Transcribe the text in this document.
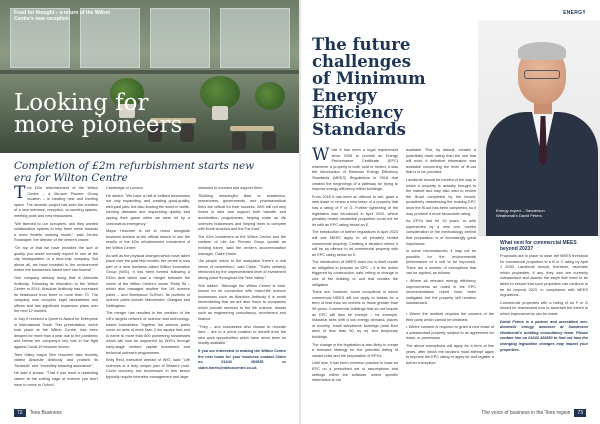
Food for thought – a return of the Wilton Centre's new reception
Looking for
more pioneers
Completion of £2m refurbishment starts new era for Wilton Centre
The £2m refurbishment of the Wilton Centre – a life-size Pioneer Group location – is creating new and exciting space. The seventh project has seen the creation of a new entrance, reception, co-working spaces, meeting pods and new restaurants.
"We listened to our occupiers, and they wanted collaborative spaces to help them move towards a more flexible working model," said Jeroen Rootzaper, the director of the centre's owner.
"On top of that we have provided the sort of quality you would normally expect to see at the city headquarters of a blue-chip company. But above all, we have invested in the environment where the businesses based here can flourish."
One company already doing that is Absolute Antibody. Following its relocation to the Wilton Centre in 2014, Absolute Antibody has increased its headcount from three to more than 70. The company now occupies eight laboratories and offices and has significant expansion plans over the next 12 months.
In July it received a Queen's Award for Enterprise in International Trade. This presentation, which took place at the Wilton Centre, had been delayed for more than a year due to the pandemic and before the company's key role in the fight against Covid-19 became known.
Tees Valley mayor Ben Houchen also recently visited Absolute Antibody and praised its "fantastic" and "incredibly amazing assistance".
He said it shows: "That if you want a rewarding career at the cutting edge of science you don't have to move to Oxford,
Cambridge or London.
He added: "We have a raft of brilliant businesses not only expanding, and creating good-quality, well-paid jobs, but also leading the world in battle-winning diseases and responding quickly and upping their game when we were hit by a coronavirus emergency."
Mayor Houchen is set to return alongside business leaders at the official launch to see the results of the £2m refurbishment investment of the Wilton Centre.
As well as the physical changes which have taken place over the past few months, the centre is now part of a new business called Wilton Innovation Group (WIG). It has been formed following a £32m deal which saw a merger between the owner of the Wilton Centre's owner Trinity IM – which also managed another five UK science parks – and Bruntwood SciTech. Its portfolio of science parks include Manchester, Glasgow and Nottingham.
The merger has resulted in the creation of the UK's largest network of science and technology-based businesses. Together the science parks cover an area of more than 2.4m square feet and is home to more than 800 pioneering businesses which will now be supported by WIG's through early-stage venture capital investment and technical outreach programmes.
Kelly Reid, executive director of WIG, said: "Life sciences is a truly unique part of Britain's post-Covid recovery, but businesses in this sector typically require intensive management and large
networks to connect and support them.
"Building meaningful links to academics, researchers, governments, and pharmaceutical firms are critical for their success. WIG will not only invest in labs and support both transfer and acceleration programmes, helping scale up life sciences businesses and helping them to compete with North America and the Far East."
The £2m investment at the Wilton Centre and the creation of Life Arc Pioneer Group update an existing future, said the centre's accommodation manager, Claire Harris.
"As people return to the workplace there's a real sense of momentum," said Claire. "That's certainly reinforced by the unprecedented level of investment taking place throughout the Tees Valley."
She added: "Although the Wilton Centre is best-known for its connection with mixed-life science businesses such as Absolute Antibody it is worth remembering that we are also home to companies which provide services to the life science. Assets such as engineering consultancy, recruitment and finance.
"They – and businesses who choose to relocate here – are in a prime position to benefit from the new work opportunities which have never been so readily available."
If you are interested in making the Wilton Centre the new home for your business contact Claire on 01642 453535 or claire.harris@wiltoncentre.co.uk
72 Tees Business
ENERGY
The future
challenges
of Minimum
Energy Efficiency
Standards
Energy expert – Sanderson Weatherall's David Peters
While it has been a legal requirement since 2008 to provide an Energy Performance Certificate (EPC) whenever a property is built, sold or rented, it was the introduction of Minimum Energy Efficiency Standards (MEES) Regulations in 2018 that created the beginnings of a pathway for trying to improve energy efficiency within buildings.
From 2018 it has been an offence to sell, grant a new lease or renew a new lease of a property that has a rating of F or G. Further tightening of the legislation was introduced in April 2020, where privately rented residential properties could not be let with an EPC rating below an E.
The introduction of further regulations in April 2023 will see MEES apply to all privately rented commercial property. Creating a situation where it will be an offence to let commercial property with an EPC rating below an E.
The introduction of MEES does not in itself create an obligation to prepare an EPC – it is the action triggered by construction, sale, letting or change in size of the building or unit that creates the obligation.
There are, however, some exceptions in which commercial MEES will not apply to leases for a term of less than six months or those greater than 99 years. Commercial buildings that do not require an EPC will also be exempt – for example, industrial sites with a low energy demand, places of worship, small standalone buildings (total floor area of less than 50 sq m) and temporary buildings.
The change in the legislation is also likely to create a renewed strategy for the potential letting of vacant units and the preparation of EPCs.
Until now, it has been common practice to base an EPC on a prescribed set of assumptions and settings within the software, where specific information is not
available. This, by default, creates a potentially lower rating than the one that will exist, if definitive information was available concerning the level of fit-out that is to be provided.
Landlords should be mindful of the way in which a property is actually brought to the market and may also wish to review the fit-out completed by the tenant, proactively reassessing the existing EPC once the fit-out has been completed, so it may produce a more favourable rating.
As EPCs last for 10 years, or until superseded by a new one, careful consideration of the methodology behind that preparation is of increasingly great importance.
In some circumstances, it may not be possible for the environmental performance of a unit to be improved. There are a number of exemptions that can be applied, as follows:
• Where all relevant energy efficiency improvements as noted in the EPC recommendation report have been instigated, but the property still remains substandard.
• Where the landlord requires the consent of the third party which cannot be obtained.
• Where consent is required to grant a new lease of a substandard property, subject to an agreement for lease, or permission.
The above exemptions will apply for a term of five years, after which the landlord must attempt again to improve the EPC rating or apply for and register a further exemption.
What next for commercial MEES beyond 2023?
Proposals are in place to raise the MEES threshold for commercial properties to a B or C rating by April 1 2030. Landlords should, therefore, ascertain which properties, if any, they own are currently substandard and assess the steps that need to be taken to ensure that such properties can continue to be let beyond 2023, in compliance with MEES regulations.
Commercial properties with a rating of an F or G should be reassessed now to ascertain the extent to which improvements can be made.
David Peters is a partner and accredited non-domestic energy assessor at Sanderson Weatherall's building consultancy team. Please contact him on 01642 422850 to find out how the changing legislation changes may impact your properties.
The voice of business in the Tees region 73
